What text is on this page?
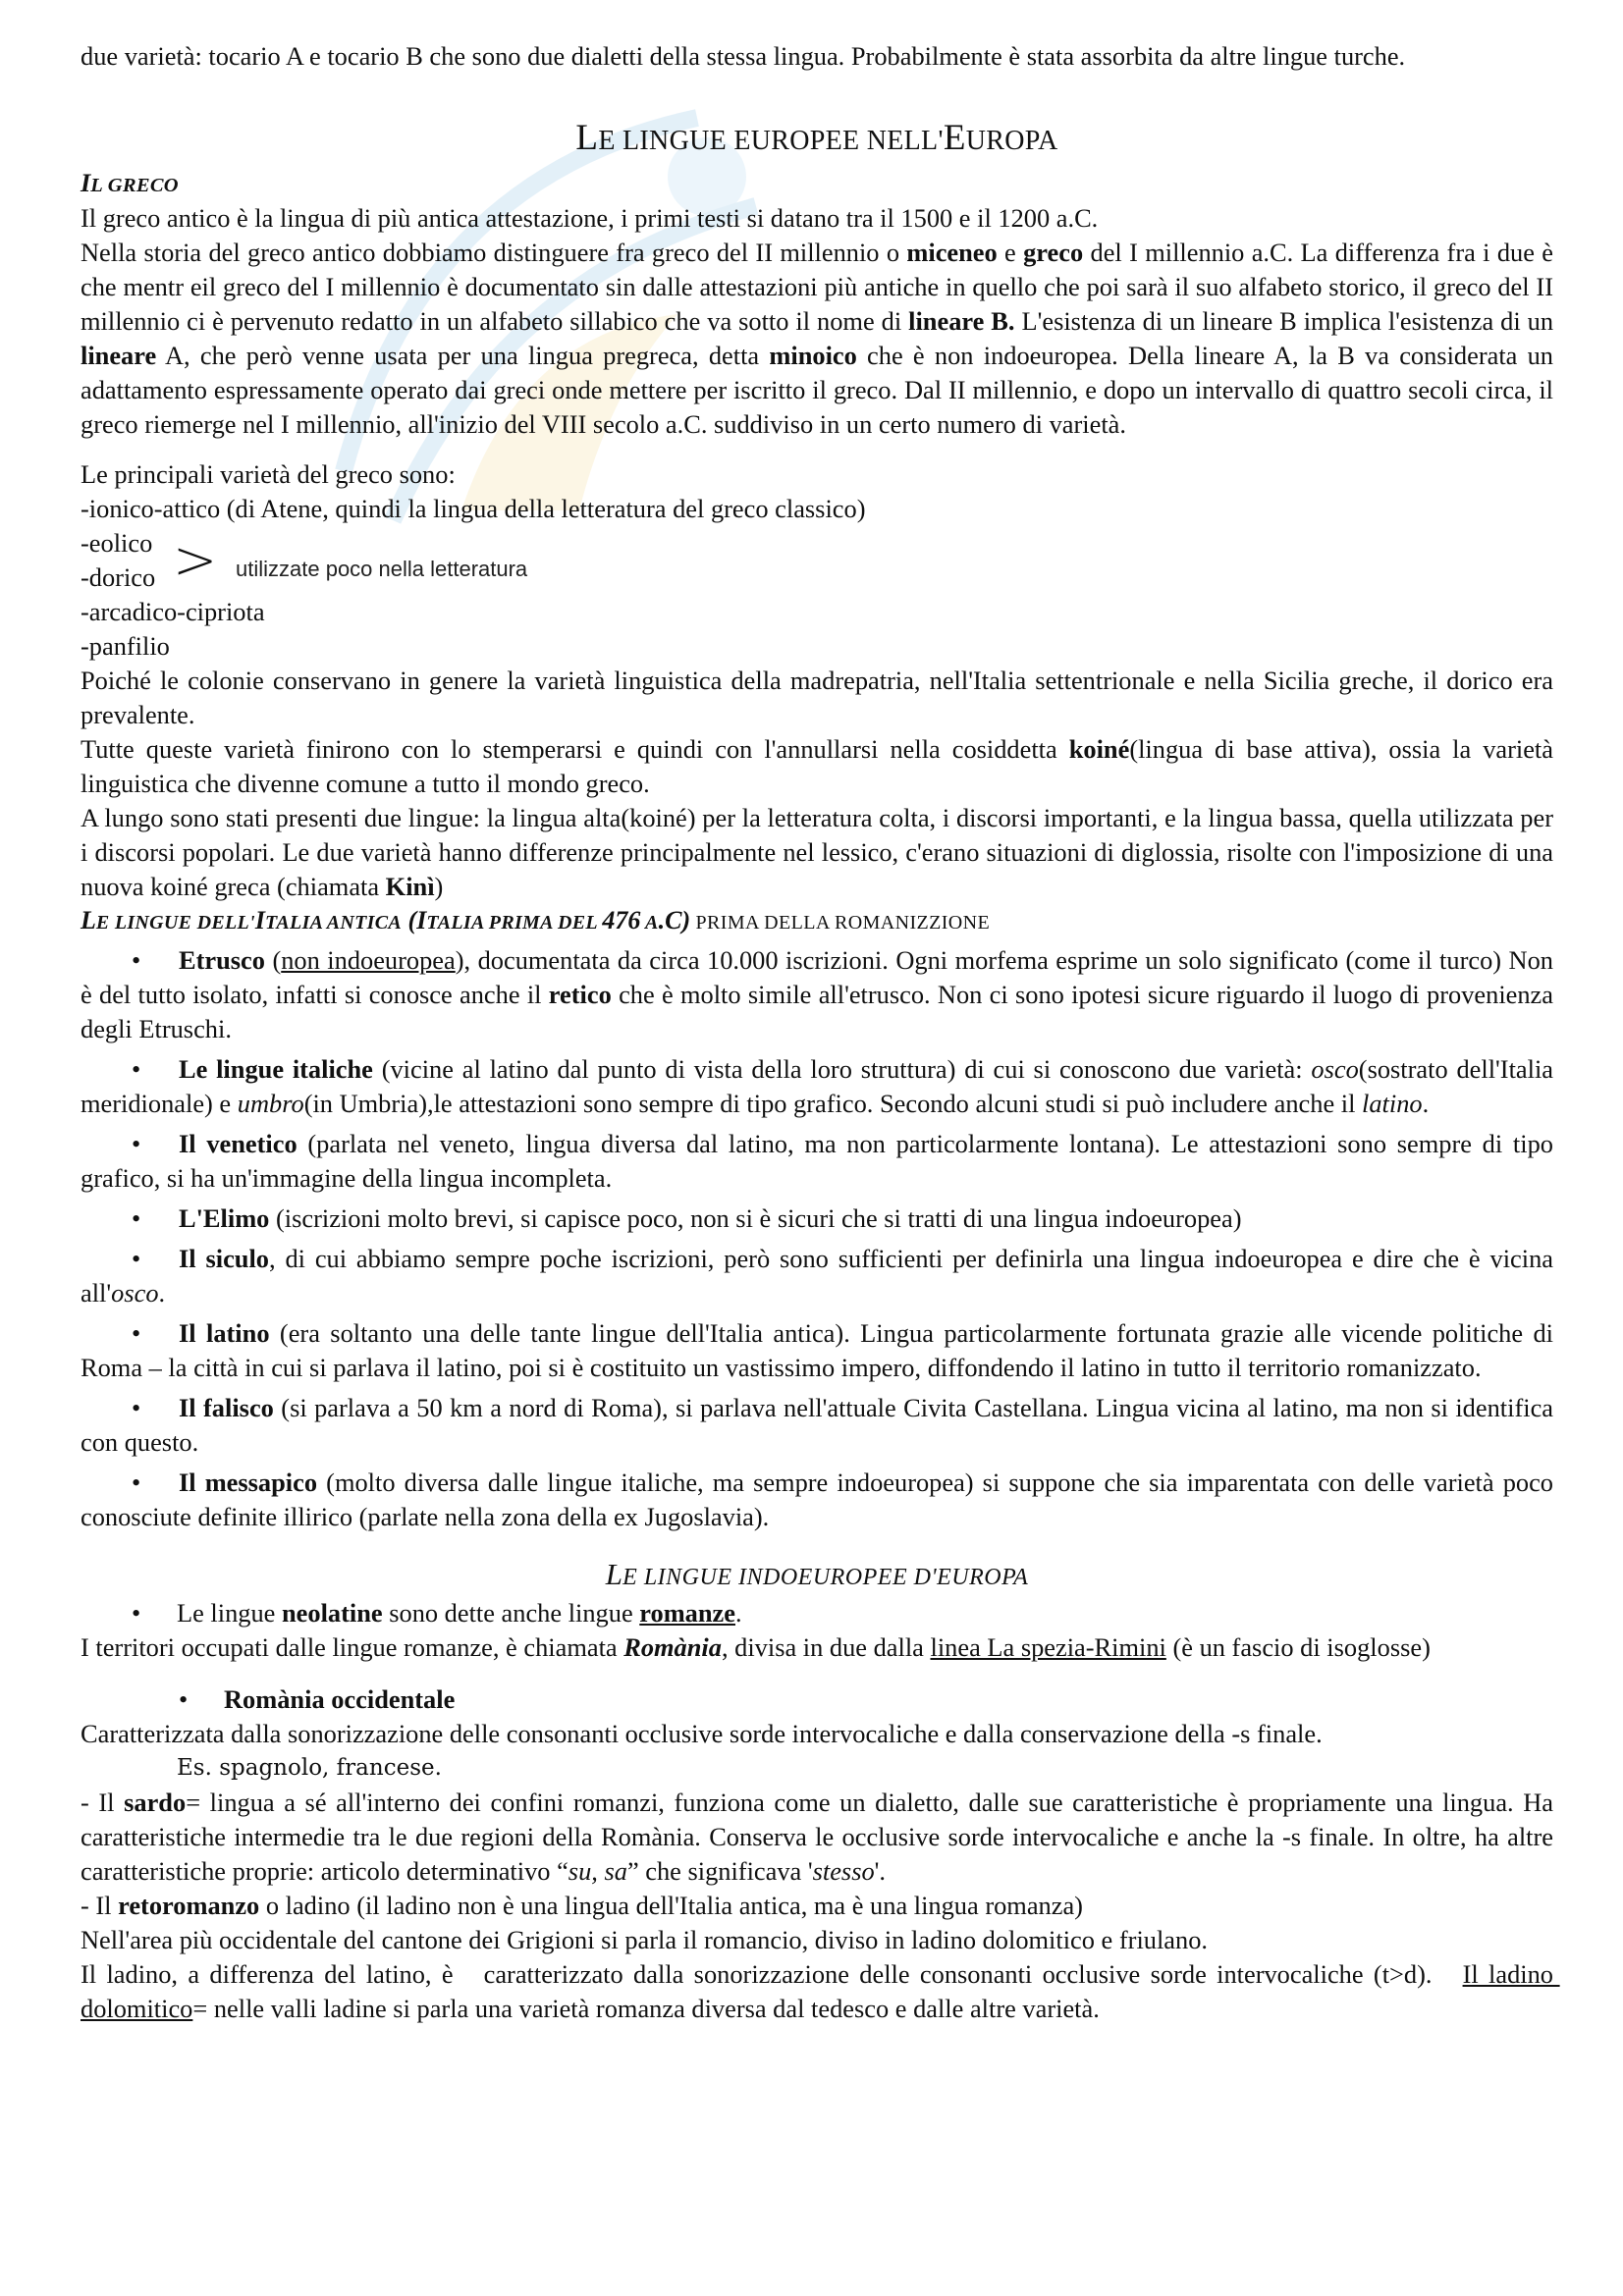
due varietà: tocario A e tocario B che sono due dialetti della stessa lingua. Probabilmente è stata assorbita da altre lingue turche.

LE LINGUE EUROPEE NELL'EUROPA
IL GRECO

Il greco antico è la lingua di più antica attestazione, i primi testi si datano tra il 1500 e il 1200 a.C.

Nella storia del greco antico dobbiamo distinguere fra greco del II millennio o miceneo e greco del I millennio a.C. La differenza fra i due è che mentr eil greco del I millennio è documentato sin dalle attestazioni più antiche in quello che poi sarà il suo alfabeto storico, il greco del II millennio ci è pervenuto redatto in un alfabeto sillabico che va sotto il nome di lineare B. L'esistenza di un lineare B implica l'esistenza di un lineare A, che però venne usata per una lingua pregreca, detta minoico che è non indoeuropea. Della lineare A, la B va considerata un adattamento espressamente operato dai greci onde mettere per iscritto il greco. Dal II millennio, e dopo un intervallo di quattro secoli circa, il greco riemerge nel I millennio, all'inizio del VIII secolo a.C. suddiviso in un certo numero di varietà.

Le principali varietà del greco sono:
-ionico-attico (di Atene, quindi la lingua della letteratura del greco classico)
-eolico
-dorico > utilizzate poco nella letteratura
-arcadico-cipriota
-panfilio

Poiché le colonie conservano in genere la varietà linguistica della madrepatria, nell'Italia settentrionale e nella Sicilia greche, il dorico era prevalente.

Tutte queste varietà finirono con lo stemperarsi e quindi con l'annullarsi nella cosiddetta koiné(lingua di base attiva), ossia la varietà linguistica che divenne comune a tutto il mondo greco.

A lungo sono stati presenti due lingue: la lingua alta(koiné) per la letteratura colta, i discorsi importanti, e la lingua bassa, quella utilizzata per i discorsi popolari. Le due varietà hanno differenze principalmente nel lessico, c'erano situazioni di diglossia, risolte con l'imposizione di una nuova koiné greca (chiamata Kinì)

LE LINGUE DELL'ITALIA ANTICA (ITALIA PRIMA DEL 476 A.C) PRIMA DELLA ROMANIZZIONE

• Etrusco (non indoeuropea), documentata da circa 10.000 iscrizioni. Ogni morfema esprime un solo significato (come il turco) Non è del tutto isolato, infatti si conosce anche il retico che è molto simile all'etrusco. Non ci sono ipotesi sicure riguardo il luogo di provenienza degli Etruschi.

• Le lingue italiche (vicine al latino dal punto di vista della loro struttura) di cui si conoscono due varietà: osco(sostrato dell'Italia meridionale) e umbro(in Umbria),le attestazioni sono sempre di tipo grafico. Secondo alcuni studi si può includere anche il latino.

• Il venetico (parlata nel veneto, lingua diversa dal latino, ma non particolarmente lontana). Le attestazioni sono sempre di tipo grafico, si ha un'immagine della lingua incompleta.

• L'Elimo (iscrizioni molto brevi, si capisce poco, non si è sicuri che si tratti di una lingua indoeuropea)

• Il siculo, di cui abbiamo sempre poche iscrizioni, però sono sufficienti per definirla una lingua indoeuropea e dire che è vicina all'osco.

• Il latino (era soltanto una delle tante lingue dell'Italia antica). Lingua particolarmente fortunata grazie alle vicende politiche di Roma – la città in cui si parlava il latino, poi si è costituito un vastissimo impero, diffondendo il latino in tutto il territorio romanizzato.

• Il falisco (si parlava a 50 km a nord di Roma), si parlava nell'attuale Civita Castellana. Lingua vicina al latino, ma non si identifica con questo.

• Il messapico (molto diversa dalle lingue italiche, ma sempre indoeuropea) si suppone che sia imparentata con delle varietà poco conosciute definite illirico (parlate nella zona della ex Jugoslavia).

LE LINGUE INDOEUROPEE D'EUROPA

• Le lingue neolatine sono dette anche lingue romanze.

I territori occupati dalle lingue romanze, è chiamata Romània, divisa in due dalla linea La spezia-Rimini (è un fascio di isoglosse)

• Romània occidentale

Caratterizzata dalla sonorizzazione delle consonanti occlusive sorde intervocaliche e dalla conservazione della -s finale.

Es. spagnolo, francese.

- Il sardo= lingua a sé all'interno dei confini romanzi, funziona come un dialetto, dalle sue caratteristiche è propriamente una lingua. Ha caratteristiche intermedie tra le due regioni della Romània. Conserva le occlusive sorde intervocaliche e anche la -s finale. In oltre, ha altre caratteristiche proprie: articolo determinativo “su, sa” che significava 'stesso'.

- Il retoromanzo o ladino (il ladino non è una lingua dell'Italia antica, ma è una lingua romanza)

Nell'area più occidentale del cantone dei Grigioni si parla il romancio, diviso in ladino dolomitico e friulano.

Il ladino, a differenza del latino, è   caratterizzato dalla sonorizzazione delle consonanti occlusive sorde intervocaliche (t>d).   Il ladino dolomitico= nelle valli ladine si parla una varietà romanza diversa dal tedesco e dalle altre varietà.
